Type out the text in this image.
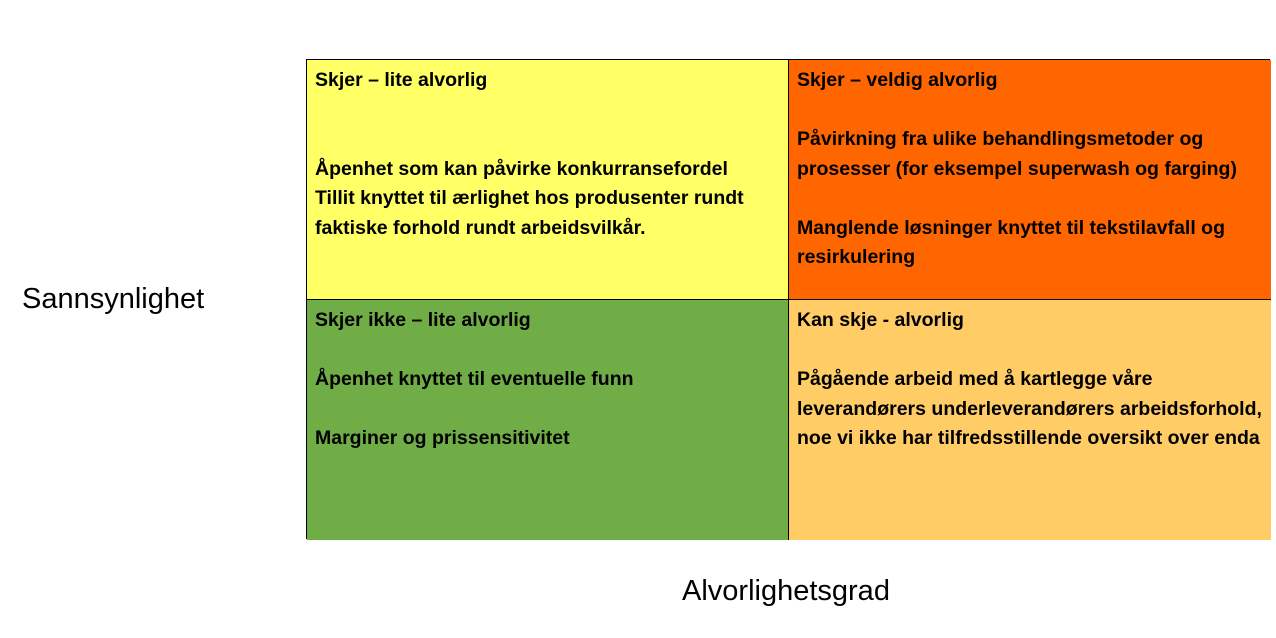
Sannsynlighet

Skjer – lite alvorlig

Åpenhet som kan påvirke konkurransefordel

Tillit knyttet til ærlighet hos produsenter rundt faktiske forhold rundt arbeidsvilkår.

Skjer – veldig alvorlig

Påvirkning fra ulike behandlingsmetoder og prosesser (for eksempel superwash og farging)

Manglende løsninger knyttet til tekstilavfall og resirkulering

Skjer ikke – lite alvorlig

Åpenhet knyttet til eventuelle funn

Marginer og prissensitivitet

Kan skje - alvorlig

Pågående arbeid med å kartlegge våre leverandørers underleverandørers arbeidsforhold, noe vi ikke har tilfredsstillende oversikt over enda

Alvorlighetsgrad
